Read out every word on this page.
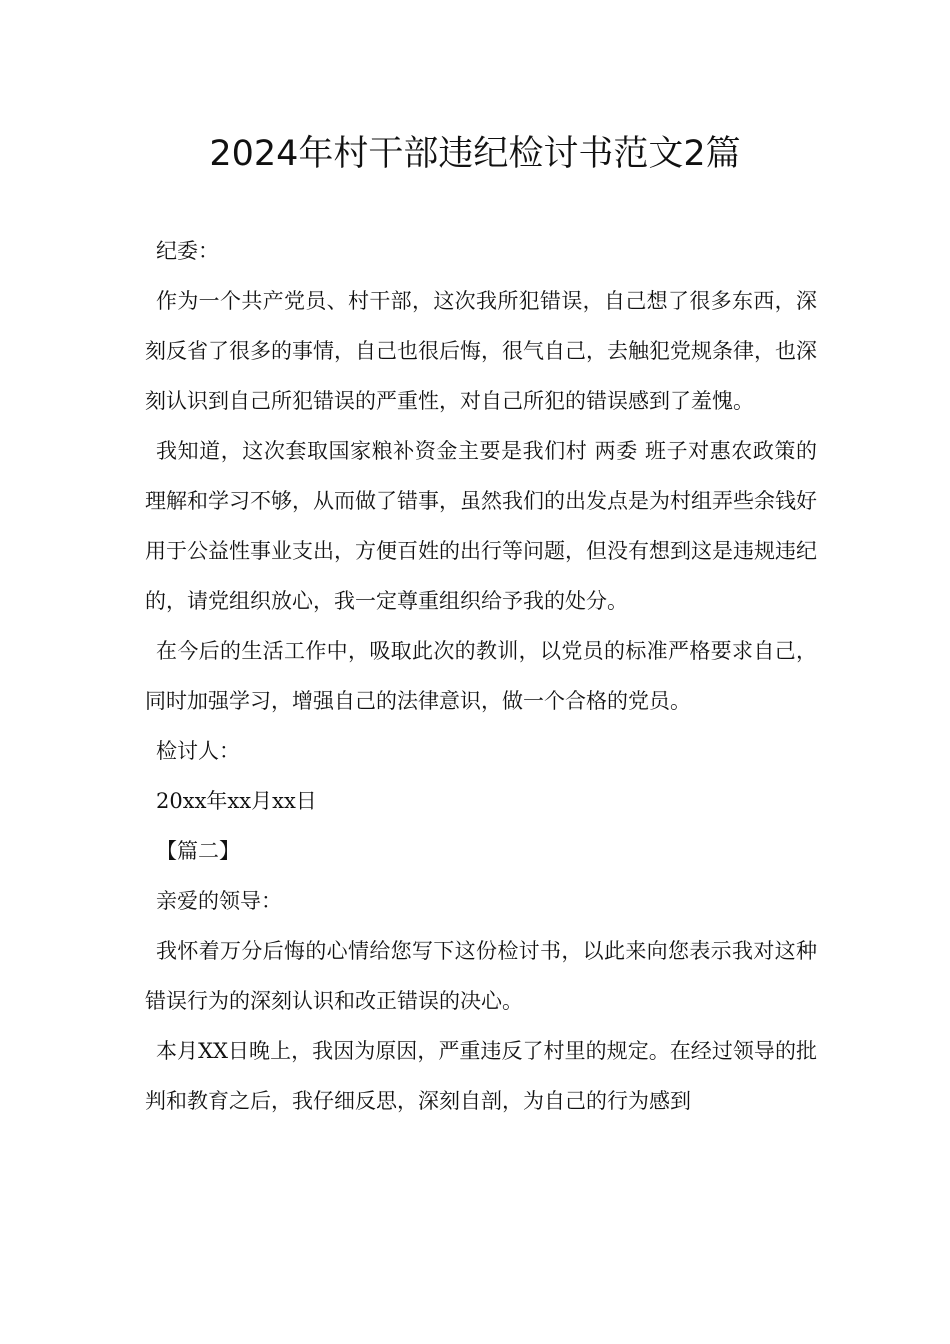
2024年村干部违纪检讨书范文2篇

纪委：

作为一个共产党员、村干部，这次我所犯错误，自己想了很多东西，深刻反省了很多的事情，自己也很后悔，很气自己，去触犯党规条律，也深刻认识到自己所犯错误的严重性，对自己所犯的错误感到了羞愧。

我知道，这次套取国家粮补资金主要是我们村 两委 班子对惠农政策的理解和学习不够，从而做了错事，虽然我们的出发点是为村组弄些余钱好用于公益性事业支出，方便百姓的出行等问题，但没有想到这是违规违纪的，请党组织放心，我一定尊重组织给予我的处分。

在今后的生活工作中，吸取此次的教训，以党员的标准严格要求自己，同时加强学习，增强自己的法律意识，做一个合格的党员。

检讨人：

20xx年xx月xx日

【篇二】

亲爱的领导：

我怀着万分后悔的心情给您写下这份检讨书，以此来向您表示我对这种错误行为的深刻认识和改正错误的决心。

本月XX日晚上，我因为原因，严重违反了村里的规定。在经过领导的批判和教育之后，我仔细反思，深刻自剖，为自己的行为感到
